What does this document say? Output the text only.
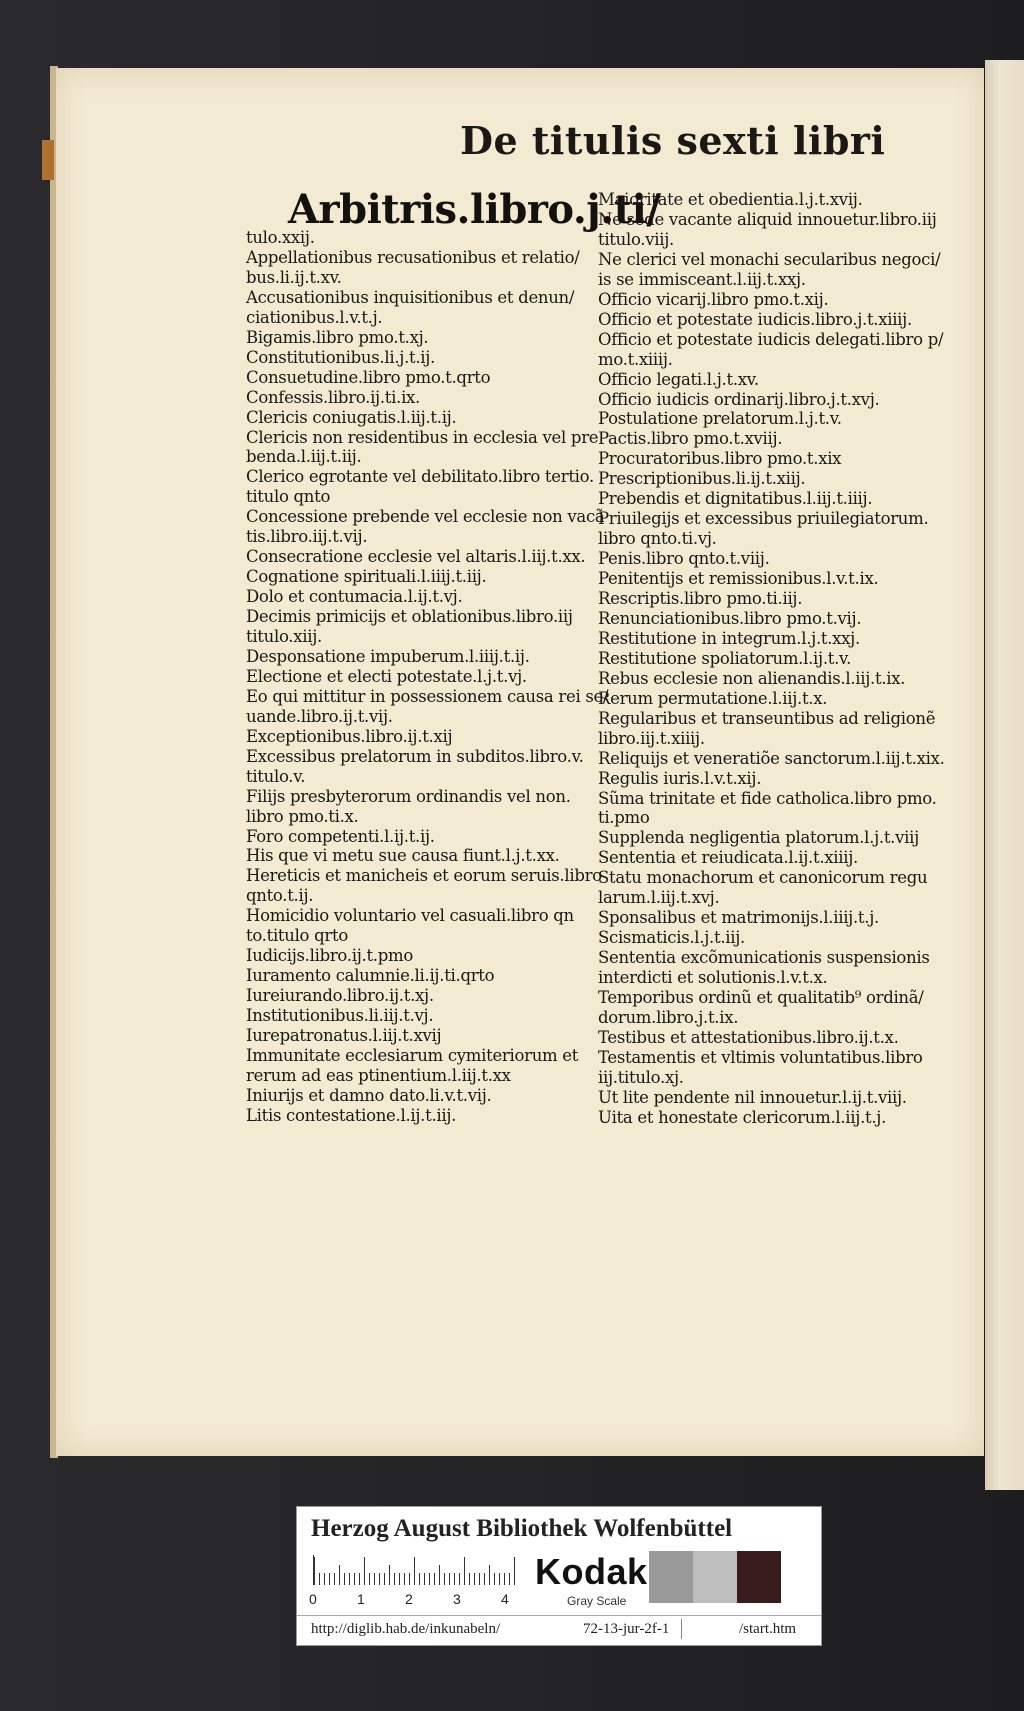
De titulis sexti libri
Arbitris.libro.j.ti/
tulo.xxij.
Appellationibus recusationibus et relatio/
bus.li.ij.t.xv.
Accusationibus inquisitionibus et denun/
ciationibus.l.v.t.j.
Bigamis.libro pmo.t.xj.
Constitutionibus.li.j.t.ij.
Consuetudine.libro pmo.t.qrto
Confessis.libro.ij.ti.ix.
Clericis coniugatis.l.iij.t.ij.
Clericis non residentibus in ecclesia vel pre
benda.l.iij.t.iij.
Clerico egrotante vel debilitato.libro tertio.
titulo qnto
Concessione prebende vel ecclesie non vacã
tis.libro.iij.t.vij.
Consecratione ecclesie vel altaris.l.iij.t.xx.
Cognatione spirituali.l.iiij.t.iij.
Dolo et contumacia.l.ij.t.vj.
Decimis primicijs et oblationibus.libro.iij
titulo.xiij.
Desponsatione impuberum.l.iiij.t.ij.
Electione et electi potestate.l.j.t.vj.
Eo qui mittitur in possessionem causa rei se/
uande.libro.ij.t.vij.
Exceptionibus.libro.ij.t.xij
Excessibus prelatorum in subditos.libro.v.
titulo.v.
Filijs presbyterorum ordinandis vel non.
libro pmo.ti.x.
Foro competenti.l.ij.t.ij.
His que vi metu sue causa fiunt.l.j.t.xx.
Hereticis et manicheis et eorum seruis.libro
qnto.t.ij.
Homicidio voluntario vel casuali.libro qn
to.titulo qrto
Iudicijs.libro.ij.t.pmo
Iuramento calumnie.li.ij.ti.qrto
Iureiurando.libro.ij.t.xj.
Institutionibus.li.iij.t.vj.
Iurepatronatus.l.iij.t.xvij
Immunitate ecclesiarum cymiteriorum et
rerum ad eas ptinentium.l.iij.t.xx
Iniurijs et damno dato.li.v.t.vij.
Litis contestatione.l.ij.t.iij.
Maioritate et obedientia.l.j.t.xvij.
Ne sede vacante aliquid innouetur.libro.iij
titulo.viij.
Ne clerici vel monachi secularibus negoci/
is se immisceant.l.iij.t.xxj.
Officio vicarij.libro pmo.t.xij.
Officio et potestate iudicis.libro.j.t.xiiij.
Officio et potestate iudicis delegati.libro p/
mo.t.xiiij.
Officio legati.l.j.t.xv.
Officio iudicis ordinarij.libro.j.t.xvj.
Postulatione prelatorum.l.j.t.v.
Pactis.libro pmo.t.xviij.
Procuratoribus.libro pmo.t.xix
Prescriptionibus.li.ij.t.xiij.
Prebendis et dignitatibus.l.iij.t.iiij.
Priuilegijs et excessibus priuilegiatorum.
libro qnto.ti.vj.
Penis.libro qnto.t.viij.
Penitentijs et remissionibus.l.v.t.ix.
Rescriptis.libro pmo.ti.iij.
Renunciationibus.libro pmo.t.vij.
Restitutione in integrum.l.j.t.xxj.
Restitutione spoliatorum.l.ij.t.v.
Rebus ecclesie non alienandis.l.iij.t.ix.
Rerum permutatione.l.iij.t.x.
Regularibus et transeuntibus ad religionẽ
libro.iij.t.xiiij.
Reliquijs et veneratiõe sanctorum.l.iij.t.xix.
Regulis iuris.l.v.t.xij.
Sũma trinitate et fide catholica.libro pmo.
ti.pmo
Supplenda negligentia platorum.l.j.t.viij
Sententia et reiudicata.l.ij.t.xiiij.
Statu monachorum et canonicorum regu
larum.l.iij.t.xvj.
Sponsalibus et matrimonijs.l.iiij.t.j.
Scismaticis.l.j.t.iij.
Sententia excõmunicationis suspensionis
interdicti et solutionis.l.v.t.x.
Temporibus ordinũ et qualitatib⁹ ordinã/
dorum.libro.j.t.ix.
Testibus et attestationibus.libro.ij.t.x.
Testamentis et vltimis voluntatibus.libro
iij.titulo.xj.
Ut lite pendente nil innouetur.l.ij.t.viij.
Uita et honestate clericorum.l.iij.t.j.
Herzog August Bibliothek Wolfenbüttel
Kodak
Gray Scale
http://diglib.hab.de/inkunabeln/	72-13-jur-2f-1	/start.htm
0	1	2	3	4
